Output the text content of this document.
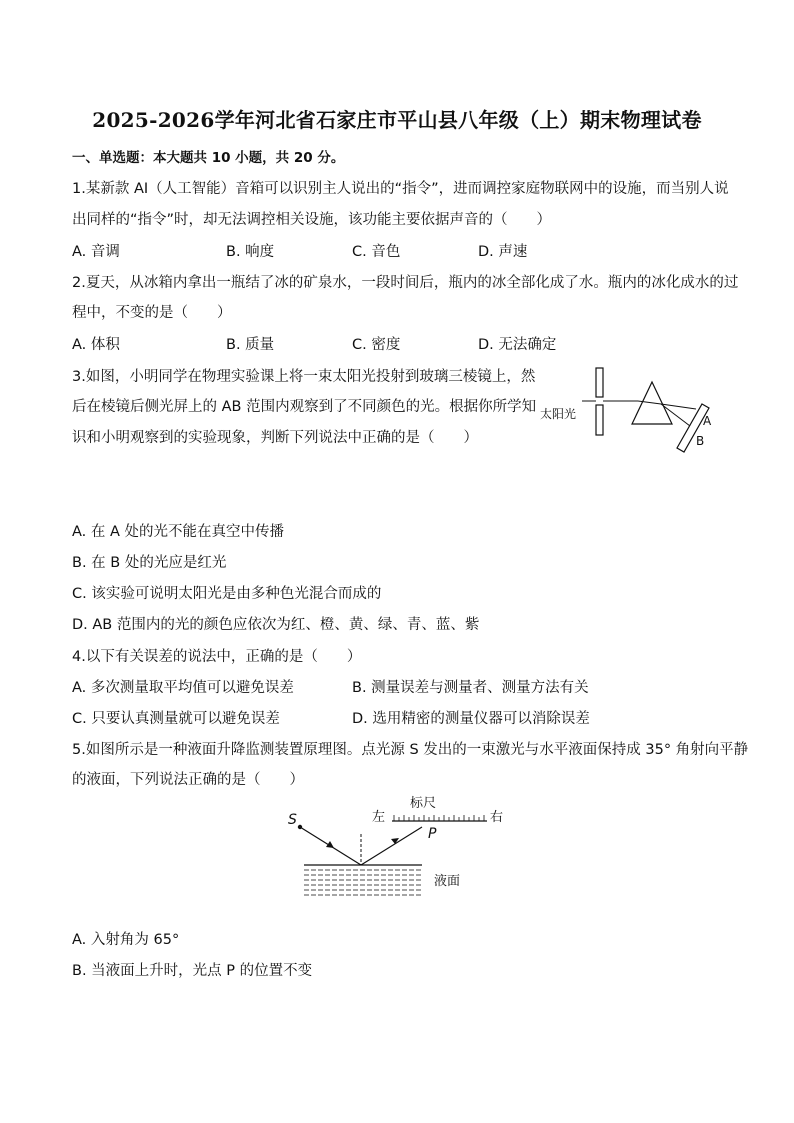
2025-2026学年河北省石家庄市平山县八年级（上）期末物理试卷
一、单选题：本大题共 10 小题，共 20 分。
1.某新款 AI（人工智能）音箱可以识别主人说出的“指令”，进而调控家庭物联网中的设施，而当别人说
出同样的“指令”时，却无法调控相关设施，该功能主要依据声音的（　　）
A. 音调	B. 响度	C. 音色	D. 声速
2.夏天，从冰箱内拿出一瓶结了冰的矿泉水，一段时间后，瓶内的冰全部化成了水。瓶内的冰化成水的过
程中，不变的是（　　）
A. 体积	B. 质量	C. 密度	D. 无法确定
3.如图，小明同学在物理实验课上将一束太阳光投射到玻璃三棱镜上，然
后在棱镜后侧光屏上的 AB 范围内观察到了不同颜色的光。根据你所学知
识和小明观察到的实验现象，判断下列说法中正确的是（　　）
太阳光	A
B
A. 在 A 处的光不能在真空中传播
B. 在 B 处的光应是红光
C. 该实验可说明太阳光是由多种色光混合而成的
D. AB 范围内的光的颜色应依次为红、橙、黄、绿、青、蓝、紫
4.以下有关误差的说法中，正确的是（　　）
A. 多次测量取平均值可以避免误差	B. 测量误差与测量者、测量方法有关
C. 只要认真测量就可以避免误差	D. 选用精密的测量仪器可以消除误差
5.如图所示是一种液面升降监测装置原理图。点光源 S 发出的一束激光与水平液面保持成 35° 角射向平静
的液面，下列说法正确的是（　　）
S	左
标尺
右
P
液面
A. 入射角为 65°
B. 当液面上升时，光点 P 的位置不变
